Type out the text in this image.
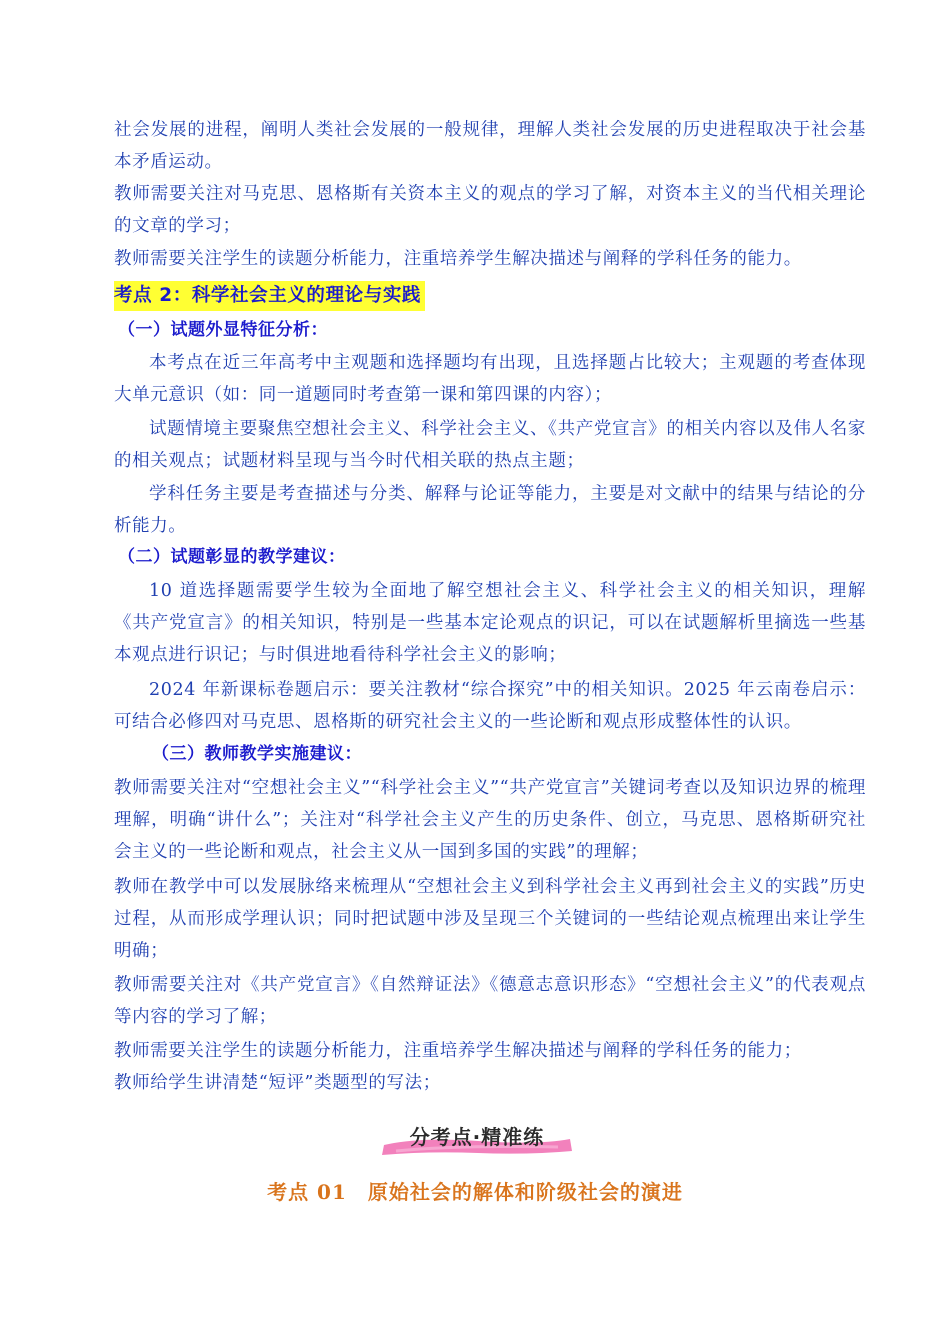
社会发展的进程，阐明人类社会发展的一般规律，理解人类社会发展的历史进程取决于社会基本矛盾运动。

教师需要关注对马克思、恩格斯有关资本主义的观点的学习了解，对资本主义的当代相关理论的文章的学习；

教师需要关注学生的读题分析能力，注重培养学生解决描述与阐释的学科任务的能力。

考点 2：科学社会主义的理论与实践
（一）试题外显特征分析：

本考点在近三年高考中主观题和选择题均有出现，且选择题占比较大；主观题的考查体现大单元意识（如：同一道题同时考查第一课和第四课的内容）；

试题情境主要聚焦空想社会主义、科学社会主义、《共产党宣言》的相关内容以及伟人名家的相关观点；试题材料呈现与当今时代相关联的热点主题；

学科任务主要是考查描述与分类、解释与论证等能力，主要是对文献中的结果与结论的分析能力。

（二）试题彰显的教学建议：

10 道选择题需要学生较为全面地了解空想社会主义、科学社会主义的相关知识，理解《共产党宣言》的相关知识，特别是一些基本定论观点的识记，可以在试题解析里摘选一些基本观点进行识记；与时俱进地看待科学社会主义的影响；

2024 年新课标卷题启示：要关注教材“综合探究”中的相关知识。2025 年云南卷启示：可结合必修四对马克思、恩格斯的研究社会主义的一些论断和观点形成整体性的认识。

（三）教师教学实施建议：

教师需要关注对“空想社会主义”“科学社会主义”“共产党宣言”关键词考查以及知识边界的梳理理解，明确“讲什么”；关注对“科学社会主义产生的历史条件、创立，马克思、恩格斯研究社会主义的一些论断和观点，社会主义从一国到多国的实践”的理解；

教师在教学中可以发展脉络来梳理从“空想社会主义到科学社会主义再到社会主义的实践”历史过程，从而形成学理认识；同时把试题中涉及呈现三个关键词的一些结论观点梳理出来让学生明确；

教师需要关注对《共产党宣言》《自然辩证法》《德意志意识形态》“空想社会主义”的代表观点等内容的学习了解；

教师需要关注学生的读题分析能力，注重培养学生解决描述与阐释的学科任务的能力；

教师给学生讲清楚“短评”类题型的写法；

分考点·精准练
考点 01　原始社会的解体和阶级社会的演进
